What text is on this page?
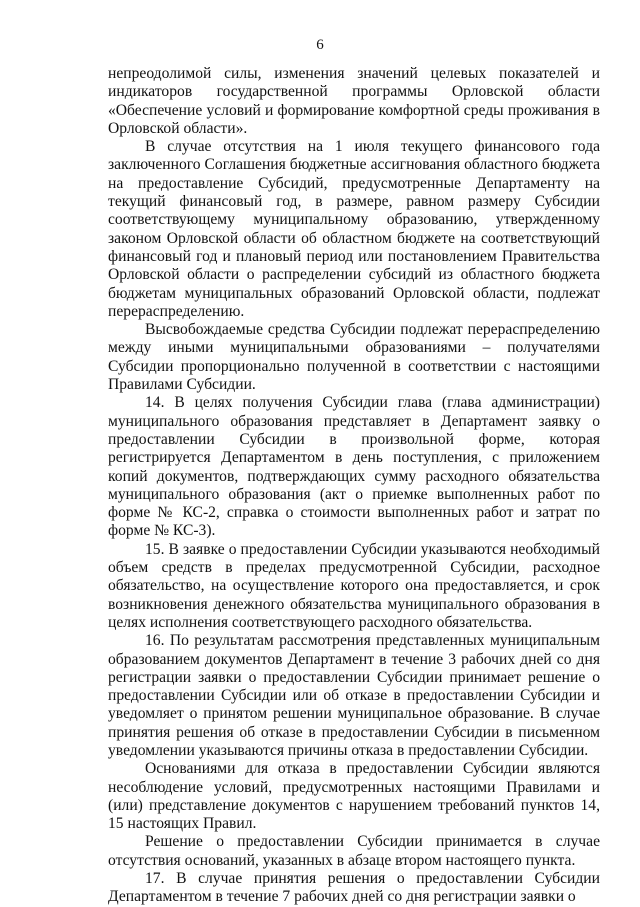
6

непреодолимой силы, изменения значений целевых показателей и индикаторов государственной программы Орловской области «Обеспечение условий и формирование комфортной среды проживания в Орловской области».

В случае отсутствия на 1 июля текущего финансового года заключенного Соглашения бюджетные ассигнования областного бюджета на предоставление Субсидий, предусмотренные Департаменту на текущий финансовый год, в размере, равном размеру Субсидии соответствующему муниципальному образованию, утвержденному законом Орловской области об областном бюджете на соответствующий финансовый год и плановый период или постановлением Правительства Орловской области о распределении субсидий из областного бюджета бюджетам муниципальных образований Орловской области, подлежат перераспределению.

Высвобождаемые средства Субсидии подлежат перераспределению между иными муниципальными образованиями – получателями Субсидии пропорционально полученной в соответствии с настоящими Правилами Субсидии.

14. В целях получения Субсидии глава (глава администрации) муниципального образования представляет в Департамент заявку о предоставлении Субсидии в произвольной форме, которая регистрируется Департаментом в день поступления, с приложением копий документов, подтверждающих сумму расходного обязательства муниципального образования (акт о приемке выполненных работ по форме № КС-2, справка о стоимости выполненных работ и затрат по форме № КС-3).

15. В заявке о предоставлении Субсидии указываются необходимый объем средств в пределах предусмотренной Субсидии, расходное обязательство, на осуществление которого она предоставляется, и срок возникновения денежного обязательства муниципального образования в целях исполнения соответствующего расходного обязательства.

16. По результатам рассмотрения представленных муниципальным образованием документов Департамент в течение 3 рабочих дней со дня регистрации заявки о предоставлении Субсидии принимает решение о предоставлении Субсидии или об отказе в предоставлении Субсидии и уведомляет о принятом решении муниципальное образование. В случае принятия решения об отказе в предоставлении Субсидии в письменном уведомлении указываются причины отказа в предоставлении Субсидии.

Основаниями для отказа в предоставлении Субсидии являются несоблюдение условий, предусмотренных настоящими Правилами и (или) представление документов с нарушением требований пунктов 14, 15 настоящих Правил.

Решение о предоставлении Субсидии принимается в случае отсутствия оснований, указанных в абзаце втором настоящего пункта.

17. В случае принятия решения о предоставлении Субсидии Департаментом в течение 7 рабочих дней со дня регистрации заявки о
